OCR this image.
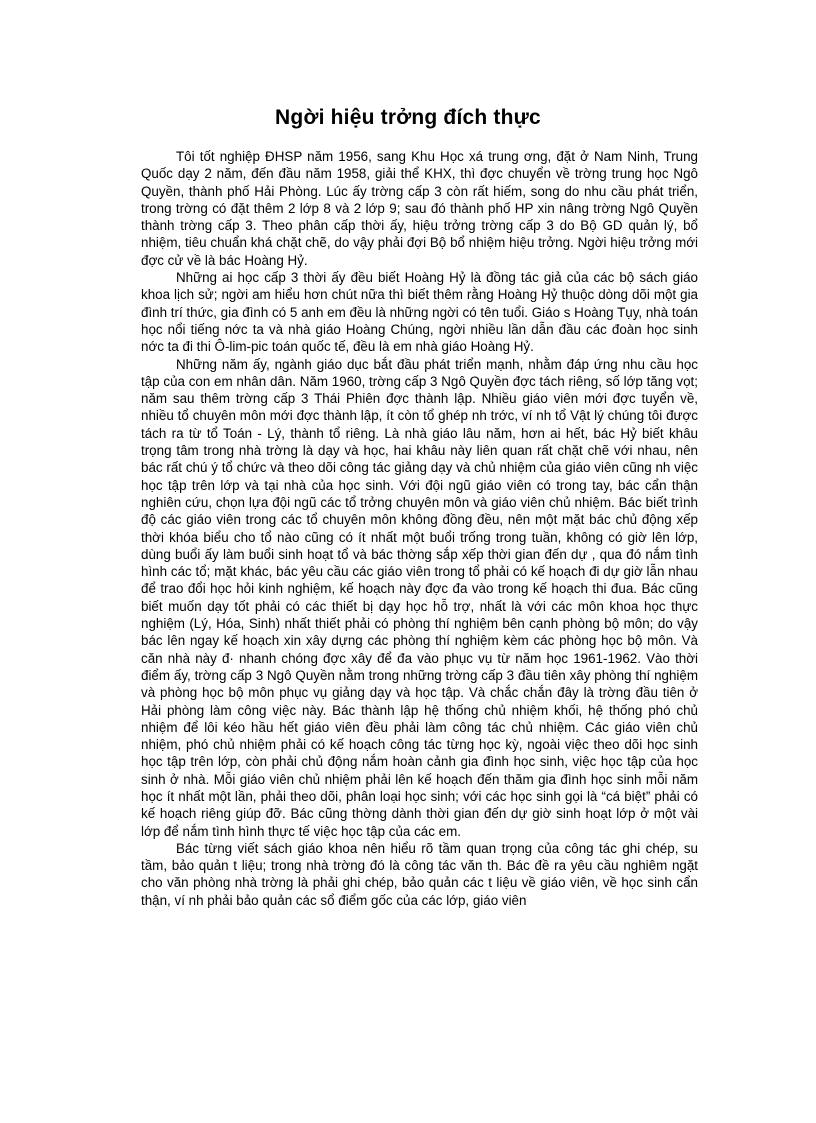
Ngời hiệu trởng đích thực

Tôi tốt nghiệp ĐHSP năm 1956, sang Khu Học xá trung ơng, đặt ở Nam Ninh, Trung Quốc dạy 2 năm, đến đầu năm 1958, giải thể KHX, thì đợc chuyển về trờng trung học Ngô Quyền, thành phố Hải Phòng. Lúc ấy trờng cấp 3 còn rất hiếm, song do nhu cầu phát triển, trong trờng có đặt thêm 2 lớp 8 và 2 lớp 9; sau đó thành phố HP xin nâng trờng Ngô Quyền thành trờng cấp 3. Theo phân cấp thời ấy, hiệu trởng trờng cấp 3 do Bộ GD quản lý, bổ nhiệm, tiêu chuẩn khá chặt chẽ, do vậy phải đợi Bộ bổ nhiệm hiệu trởng. Ngời hiệu trởng mới đợc cử về là bác Hoàng Hỷ.

Những ai học cấp 3 thời ấy đều biết Hoàng Hỷ là đồng tác giả của các bộ sách giáo khoa lịch sử; ngời am hiểu hơn chút nữa thì biết thêm rằng Hoàng Hỷ thuộc dòng dõi một gia đình trí thức, gia đình có 5 anh em đều là những ngời có tên tuổi. Giáo s Hoàng Tụy, nhà toán học nổi tiếng nớc ta và nhà giáo Hoàng Chúng, ngời nhiều lần dẫn đầu các đoàn học sinh nớc ta đi thi Ô-lim-pic toán quốc tế, đều là em nhà giáo Hoàng Hỷ.

Những năm ấy, ngành giáo dục bắt đầu phát triển mạnh, nhằm đáp ứng nhu cầu học tập của con em nhân dân. Năm 1960, trờng cấp 3 Ngô Quyền đợc tách riêng, số lớp tăng vọt; năm sau thêm trờng cấp 3 Thái Phiên đợc thành lập. Nhiều giáo viên mới đợc tuyển về, nhiều tổ chuyên môn mới đợc thành lập, ít còn tổ ghép nh trớc, ví nh tổ Vật lý chúng tôi được tách ra từ tổ Toán - Lý, thành tổ riêng. Là nhà giáo lâu năm, hơn ai hết, bác Hỷ biết khâu trọng tâm trong nhà trờng là dạy và học, hai khâu này liên quan rất chặt chẽ với nhau, nên bác rất chú ý tổ chức và theo dõi công tác giảng dạy và chủ nhiệm của giáo viên cũng nh việc học tập trên lớp và tại nhà của học sinh. Với đội ngũ giáo viên có trong tay, bác cẩn thận nghiên cứu, chọn lựa đội ngũ các tổ trởng chuyên môn và giáo viên chủ nhiệm. Bác biết trình độ các giáo viên trong các tổ chuyên môn không đồng đều, nên một mặt bác chủ động xếp thời khóa biểu cho tổ nào cũng có ít nhất một buổi trống trong tuần, không có giờ lên lớp, dùng buổi ấy làm buổi sinh hoạt tổ và bác thờng sắp xếp thời gian đến dự , qua đó nắm tình hình các tổ; mặt khác, bác yêu cầu các giáo viên trong tổ phải có kế hoạch đi dự giờ lẫn nhau để trao đổi học hỏi kinh nghiệm, kế hoạch này đợc đa vào trong kế hoạch thi đua. Bác cũng biết muốn dạy tốt phải có các thiết bị dạy học hỗ trợ, nhất là với các môn khoa học thực nghiệm (Lý, Hóa, Sinh) nhất thiết phải có phòng thí nghiệm bên cạnh phòng bộ môn; do vậy bác lên ngay kế hoạch xin xây dựng các phòng thí nghiệm kèm các phòng học bộ môn. Và căn nhà này đ· nhanh chóng đợc xây để đa vào phục vụ từ năm học 1961-1962. Vào thời điểm ấy, trờng cấp 3 Ngô Quyền nằm trong những trờng cấp 3 đầu tiên xây phòng thí nghiệm và phòng học bộ môn phục vụ giảng dạy và học tập. Và chắc chắn đây là trờng đầu tiên ở Hải phòng làm công việc này. Bác thành lập hệ thống chủ nhiệm khối, hệ thống phó chủ nhiệm để lôi kéo hầu hết giáo viên đều phải làm công tác chủ nhiệm. Các giáo viên chủ nhiệm, phó chủ nhiệm phải có kế hoạch công tác từng học kỳ, ngoài việc theo dõi học sinh học tập trên lớp, còn phải chủ động nắm hoàn cảnh gia đình học sinh, việc học tập của học sinh ở nhà. Mỗi giáo viên chủ nhiệm phải lên kế hoạch đến thăm gia đình học sinh mỗi năm học ít nhất một lần, phải theo dõi, phân loại học sinh; với các học sinh gọi là “cá biệt” phải có kế hoạch riêng giúp đỡ. Bác cũng thờng dành thời gian đến dự giờ sinh hoạt lớp ở một vài lớp để nắm tình hình thực tế việc học tập của các em.

Bác từng viết sách giáo khoa nên hiểu rõ tầm quan trọng của công tác ghi chép, su tầm, bảo quản t liệu; trong nhà trờng đó là công tác văn th. Bác đề ra yêu cầu nghiêm ngặt cho văn phòng nhà trờng là phải ghi chép, bảo quản các t liệu về giáo viên, về học sinh cẩn thận, ví nh phải bảo quản các sổ điểm gốc của các lớp, giáo viên
